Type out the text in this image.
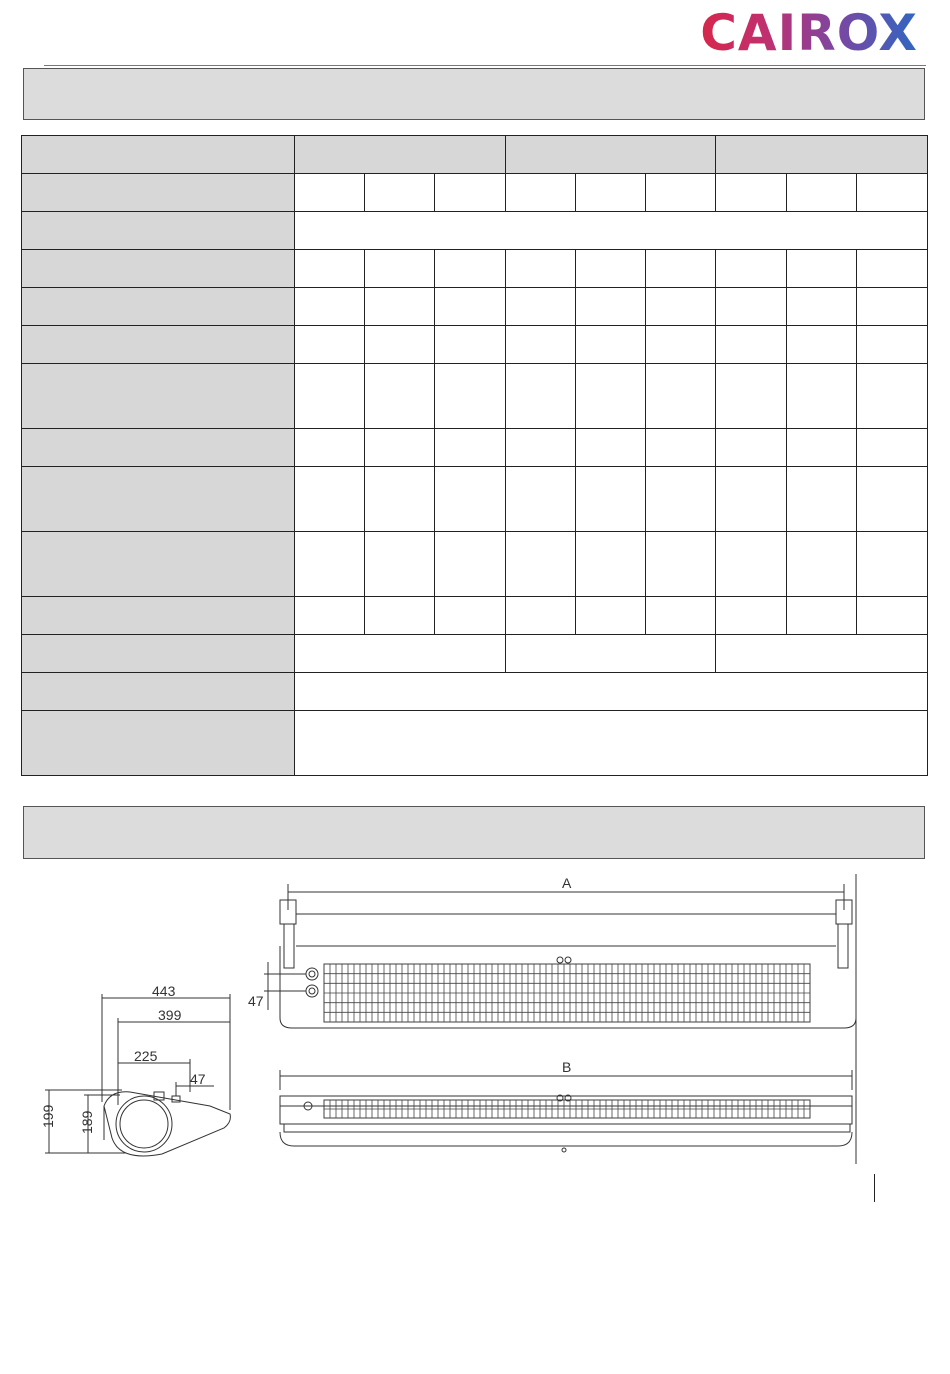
CAIROX

443
399
225
47
199 189
A
47
B
